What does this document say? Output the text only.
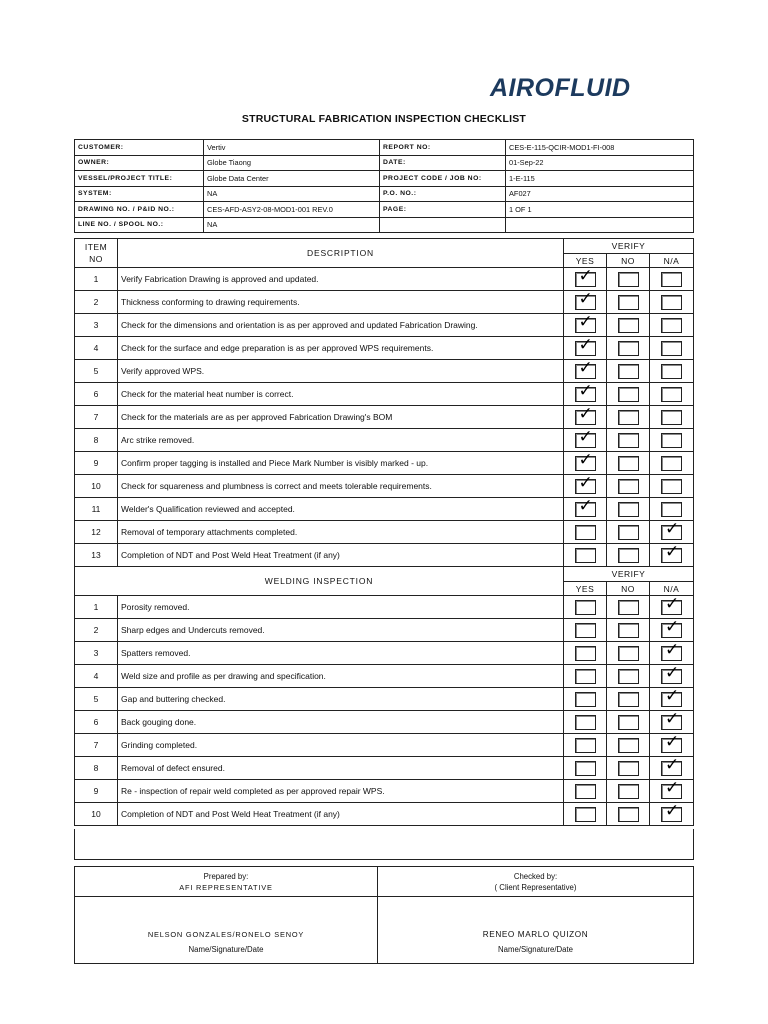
AIROFLUID
STRUCTURAL FABRICATION INSPECTION CHECKLIST
CUSTOMER:	Vertiv	REPORT NO:	CES-E-115-QCIR-MOD1-FI-008
OWNER:	Globe Tiaong	DATE:	01-Sep-22
VESSEL/PROJECT TITLE:	Globe Data Center	PROJECT CODE / JOB NO:	1-E-115
SYSTEM:	NA	P.O. NO.:	AF027
DRAWING NO. / P&ID NO.:	CES-AFD-ASY2-08-MOD1-001 REV.0	PAGE:	1 OF 1
LINE NO. / SPOOL NO.:	NA		
ITEM
NO	DESCRIPTION	VERIFY		
		YES	NO	N/A
1	Verify Fabrication Drawing is approved and updated.	✓		

2	Thickness conforming to drawing requirements.	✓		

3	Check for the dimensions and orientation is as per approved and updated Fabrication Drawing.	✓		

4	Check for the surface and edge preparation is as per approved WPS requirements.	✓		

5	Verify approved WPS.	✓		

6	Check for the material heat number is correct.	✓		

7	Check for the materials are as per approved Fabrication Drawing's BOM	✓		

8	Arc strike removed.	✓		

9	Confirm proper tagging is installed and Piece Mark Number is visibly marked - up.	✓		

10	Check for squareness and plumbness is correct and meets tolerable requirements.	✓		

11	Welder's Qualification reviewed and accepted.	✓		

12	Removal of temporary attachments completed.			✓

13	Completion of NDT and Post Weld Heat Treatment (if any)			✓

WELDING INSPECTION		VERIFY		
		YES	NO	N/A
1	Porosity removed.			✓

2	Sharp edges and Undercuts removed.			✓

3	Spatters removed.			✓

4	Weld size and profile as per drawing and specification.			✓

5	Gap and buttering checked.			✓

6	Back gouging done.			✓

7	Grinding completed.			✓

8	Removal of defect ensured.			✓

9	Re - inspection of repair weld completed as per approved repair WPS.			✓

10	Completion of NDT and Post Weld Heat Treatment (if any)			✓
Prepared by:
AFI REPRESENTATIVE	Checked by:
( Client Representative)
NELSON GONZALES/RONELO SENOY
Name/Signature/Date	RENEO MARLO QUIZON
Name/Signature/Date
